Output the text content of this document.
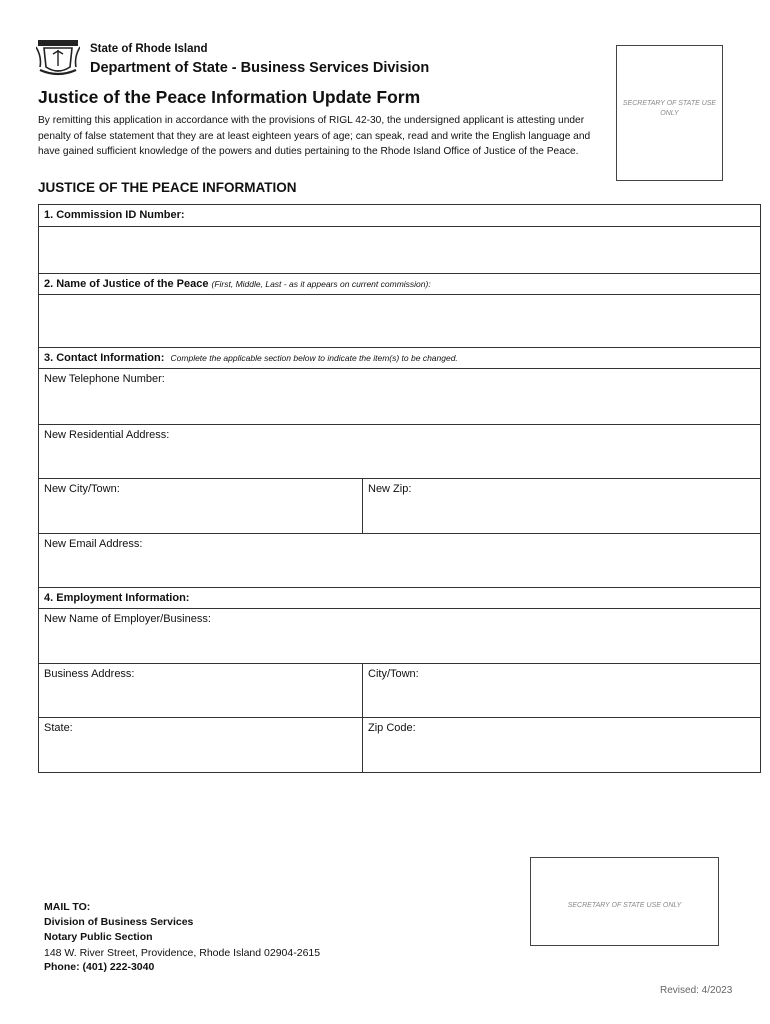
State of Rhode Island
Department of State - Business Services Division
Justice of the Peace Information Update Form
By remitting this application in accordance with the provisions of RIGL 42-30, the undersigned applicant is attesting under penalty of false statement that they are at least eighteen years of age; can speak, read and write the English language and have gained sufficient knowledge of the powers and duties pertaining to the Rhode Island Office of Justice of the Peace.
SECRETARY OF STATE USE ONLY
JUSTICE OF THE PEACE INFORMATION
1. Commission ID Number:
2. Name of Justice of the Peace (First, Middle, Last - as it appears on current commission):
3. Contact Information: Complete the applicable section below to indicate the item(s) to be changed.
New Telephone Number:
New Residential Address:
New City/Town:	New Zip:
New Email Address:
4. Employment Information:
New Name of Employer/Business:
Business Address:	City/Town:
State:	Zip Code:
MAIL TO:
Division of Business Services
Notary Public Section
148 W. River Street, Providence, Rhode Island 02904-2615
Phone: (401) 222-3040
SECRETARY OF STATE USE ONLY
Revised: 4/2023
